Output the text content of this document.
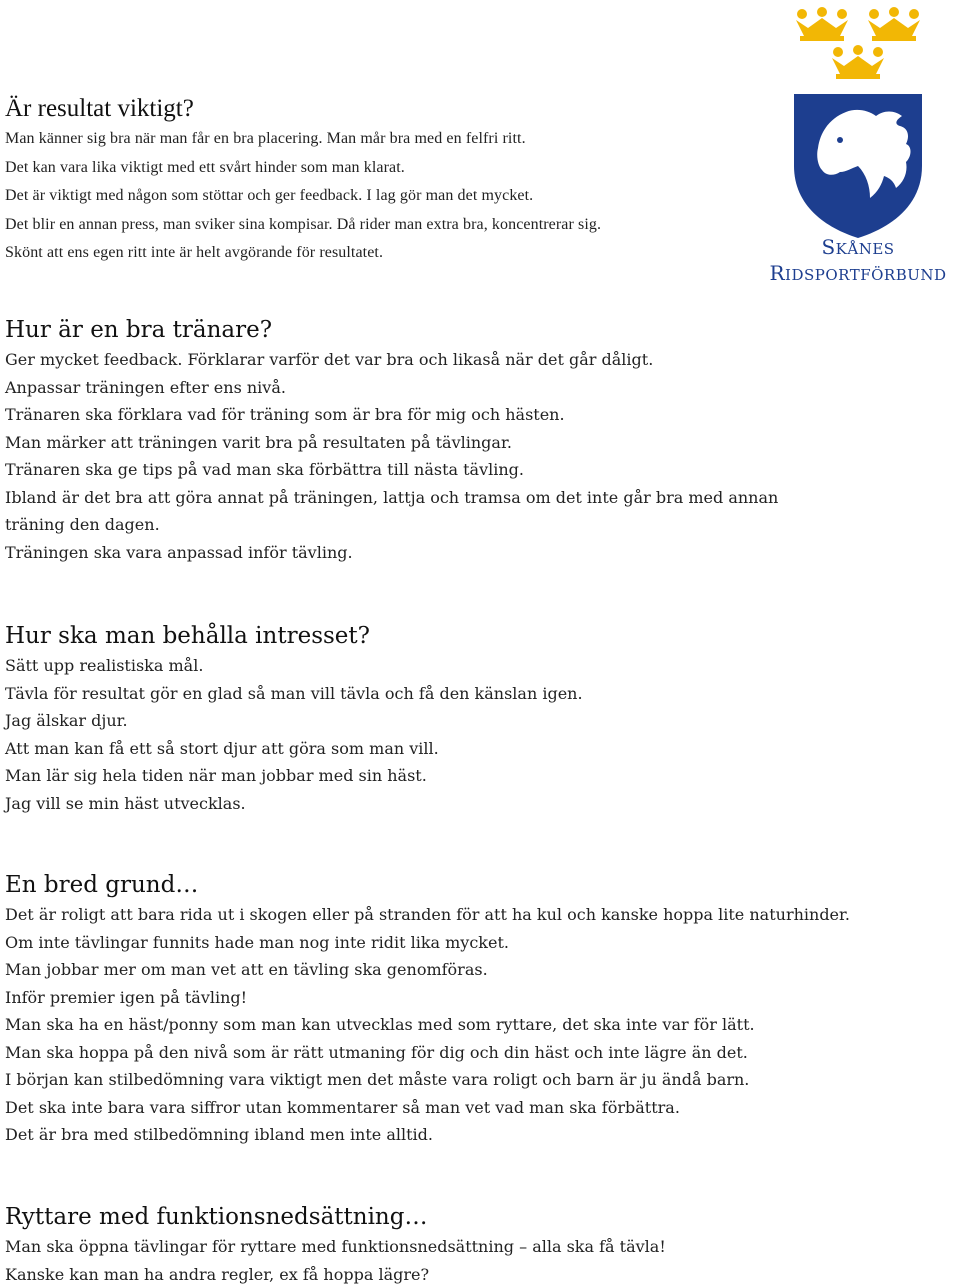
SKÅNES
RIDSPORTFÖRBUND
Är resultat viktigt?

Man känner sig bra när man får en bra placering. Man mår bra med en felfri ritt.

Det kan vara lika viktigt med ett svårt hinder som man klarat.

Det är viktigt med någon som stöttar och ger feedback. I lag gör man det mycket.

Det blir en annan press, man sviker sina kompisar. Då rider man extra bra, koncentrerar sig.

Skönt att ens egen ritt inte är helt avgörande för resultatet.

Hur är en bra tränare?

Ger mycket feedback. Förklarar varför det var bra och likaså när det går dåligt.

Anpassar träningen efter ens nivå.

Tränaren ska förklara vad för träning som är bra för mig och hästen.

Man märker att träningen varit bra på resultaten på tävlingar.

Tränaren ska ge tips på vad man ska förbättra till nästa tävling.

Ibland är det bra att göra annat på träningen, lattja och tramsa om det inte går bra med annan

träning den dagen.

Träningen ska vara anpassad inför tävling.

Hur ska man behålla intresset?

Sätt upp realistiska mål.

Tävla för resultat gör en glad så man vill tävla och få den känslan igen.

Jag älskar djur.

Att man kan få ett så stort djur att göra som man vill.

Man lär sig hela tiden när man jobbar med sin häst.

Jag vill se min häst utvecklas.

En bred grund…

Det är roligt att bara rida ut i skogen eller på stranden för att ha kul och kanske hoppa lite naturhinder.

Om inte tävlingar funnits hade man nog inte ridit lika mycket.

Man jobbar mer om man vet att en tävling ska genomföras.

Inför premier igen på tävling!

Man ska ha en häst/ponny som man kan utvecklas med som ryttare, det ska inte var för lätt.

Man ska hoppa på den nivå som är rätt utmaning för dig och din häst och inte lägre än det.

I början kan stilbedömning vara viktigt men det måste vara roligt och barn är ju ändå barn.

Det ska inte bara vara siffror utan kommentarer så man vet vad man ska förbättra.

Det är bra med stilbedömning ibland men inte alltid.

Ryttare med funktionsnedsättning…

Man ska öppna tävlingar för ryttare med funktionsnedsättning – alla ska få tävla!

Kanske kan man ha andra regler, ex få hoppa lägre?
